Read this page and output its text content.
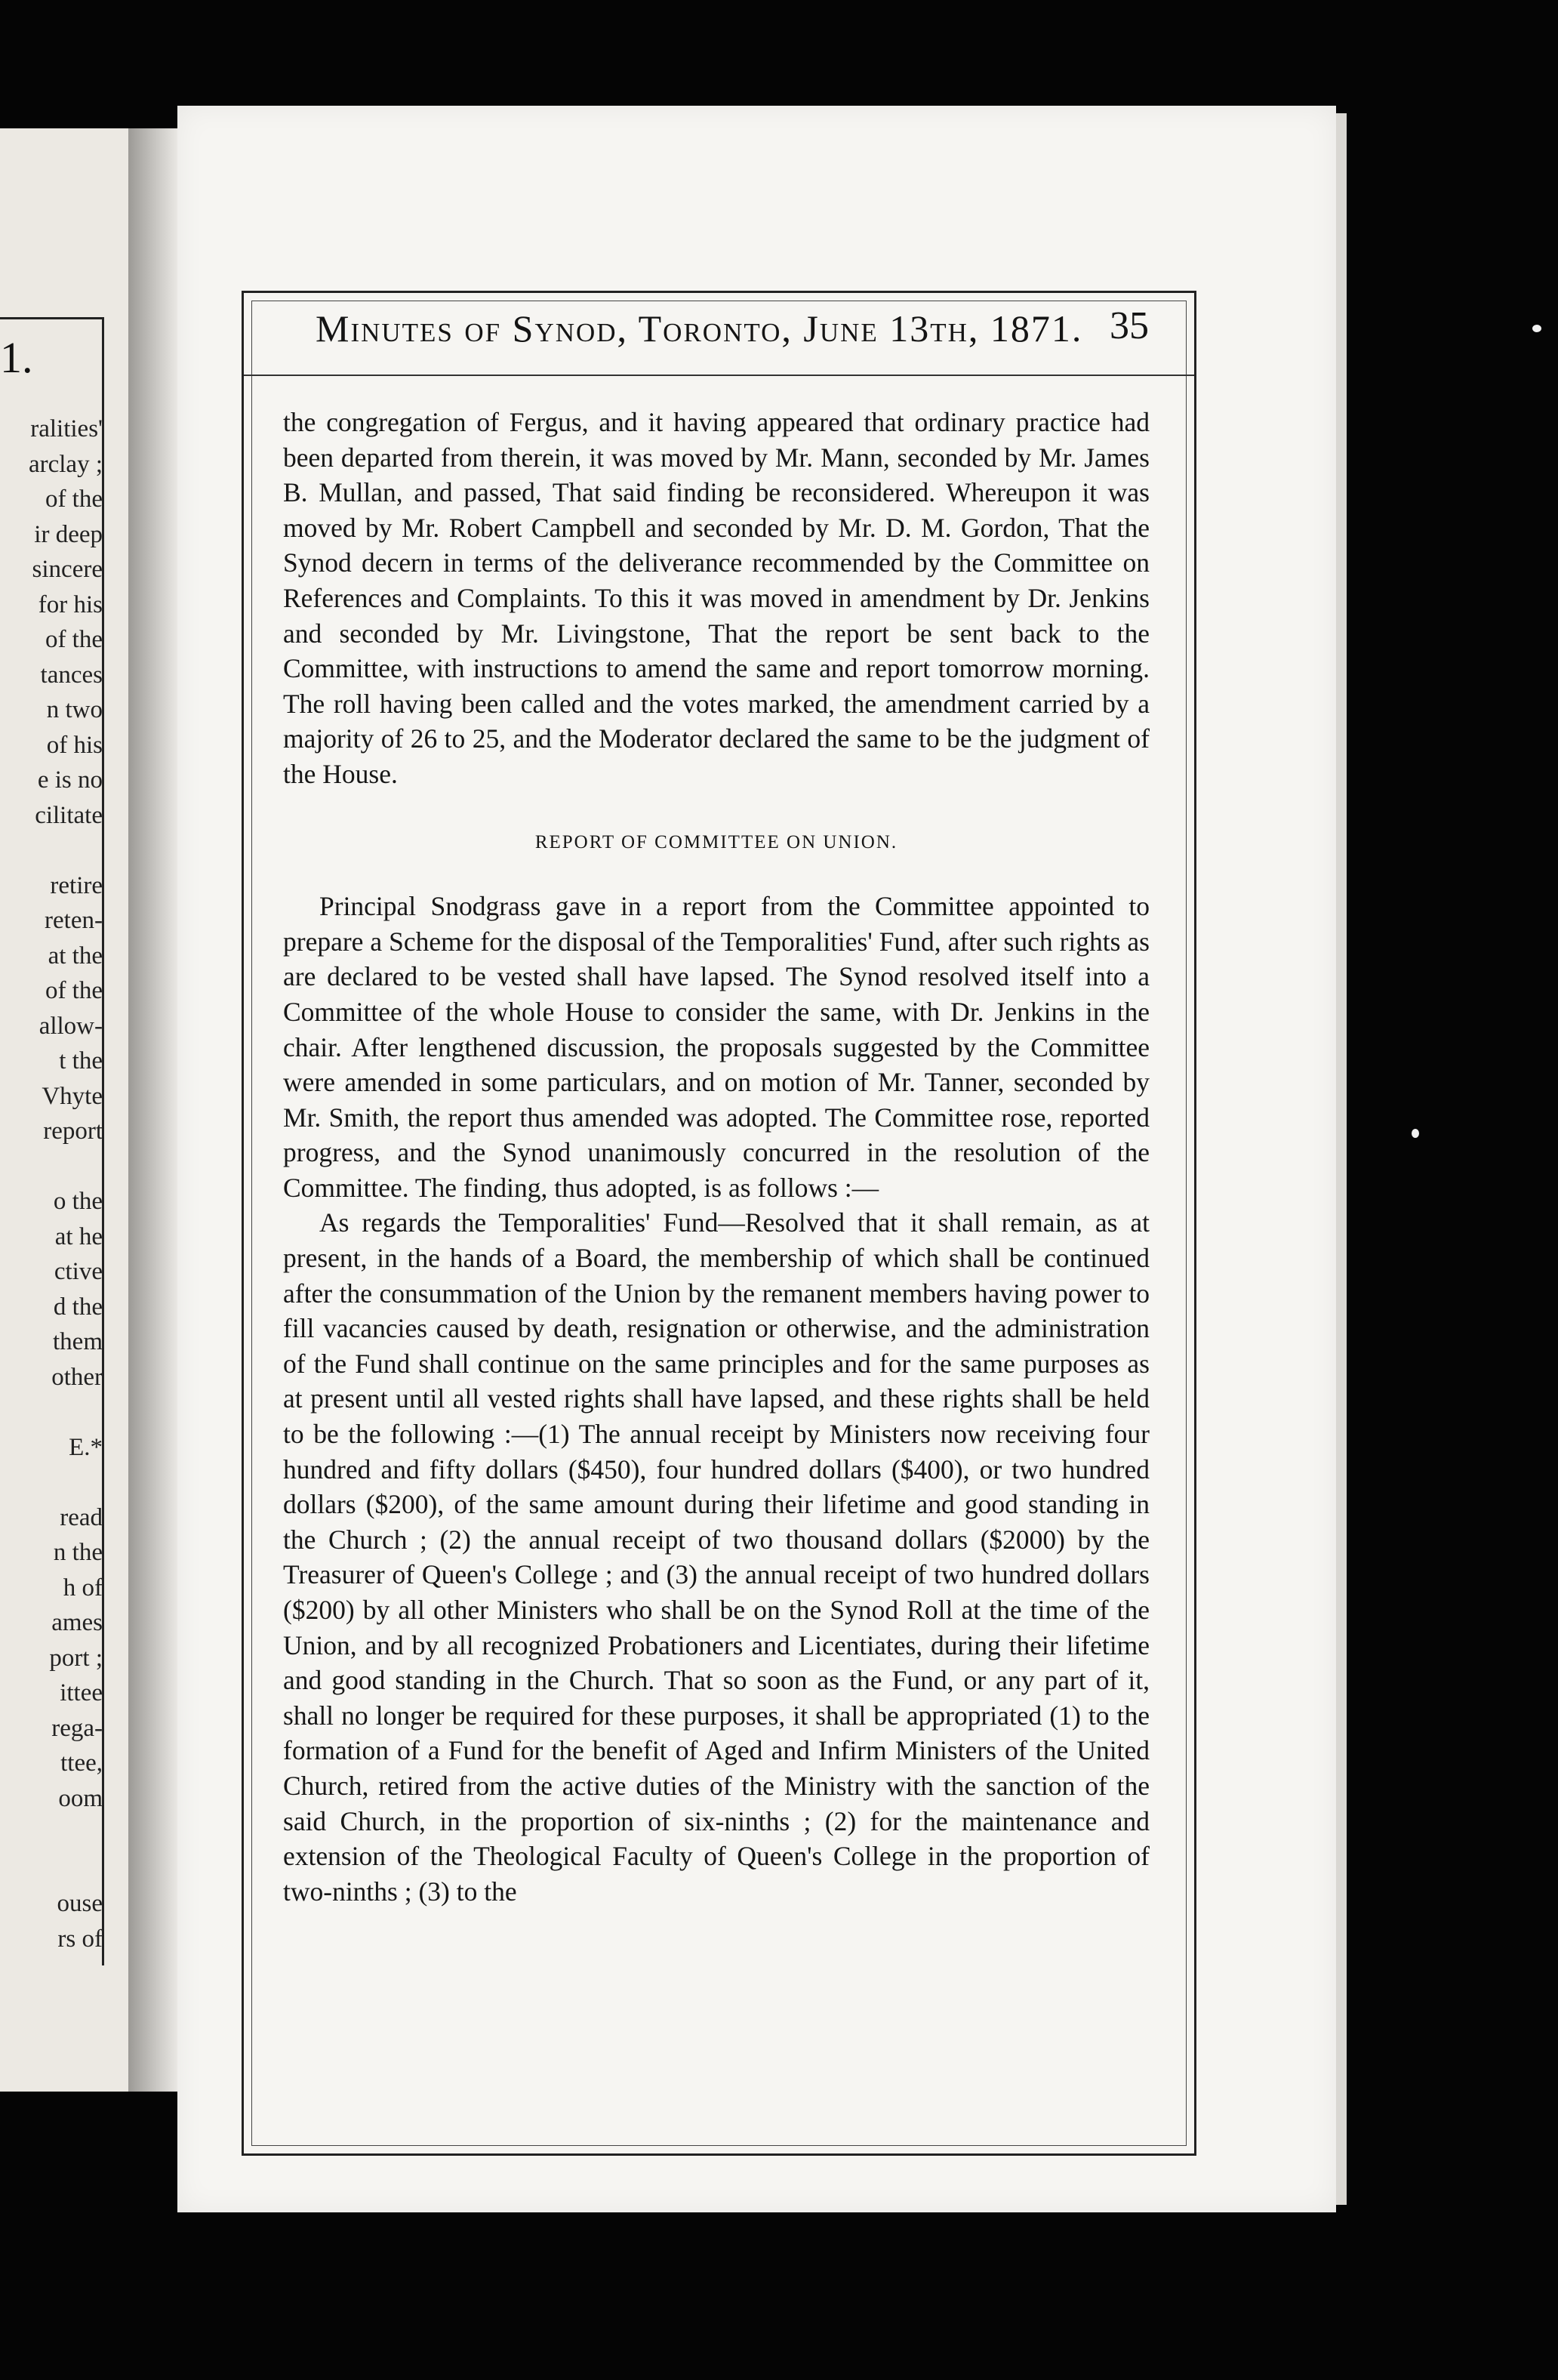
1.
ralities'
arclay ;
of the
ir deep
sincere
for his
of the
tances
n two
of his
e is no
cilitate
retire
reten-
at the
of the
allow-
t the
Vhyte
report
o the
at he
ctive
d the
them
other
E.*
read
n the
h of
ames
port ;
ittee
rega-
ttee,
oom
ouse
rs of
Minutes of Synod, Toronto, June 13th, 1871. 35

the congregation of Fergus, and it having appeared that ordinary practice had been departed from therein, it was moved by Mr. Mann, seconded by Mr. James B. Mullan, and passed, That said finding be reconsidered. Whereupon it was moved by Mr. Robert Campbell and seconded by Mr. D. M. Gordon, That the Synod decern in terms of the deliverance recommended by the Committee on References and Complaints. To this it was moved in amendment by Dr. Jenkins and seconded by Mr. Livingstone, That the report be sent back to the Committee, with instructions to amend the same and report tomorrow morning. The roll having been called and the votes marked, the amendment carried by a majority of 26 to 25, and the Moderator declared the same to be the judgment of the House.

REPORT OF COMMITTEE ON UNION.

Principal Snodgrass gave in a report from the Committee appointed to prepare a Scheme for the disposal of the Temporalities' Fund, after such rights as are declared to be vested shall have lapsed. The Synod resolved itself into a Committee of the whole House to consider the same, with Dr. Jenkins in the chair. After lengthened discussion, the proposals suggested by the Committee were amended in some particulars, and on motion of Mr. Tanner, seconded by Mr. Smith, the report thus amended was adopted. The Committee rose, reported progress, and the Synod unanimously concurred in the resolution of the Committee. The finding, thus adopted, is as follows :—

As regards the Temporalities' Fund—Resolved that it shall remain, as at present, in the hands of a Board, the membership of which shall be continued after the consummation of the Union by the remanent members having power to fill vacancies caused by death, resignation or otherwise, and the administration of the Fund shall continue on the same principles and for the same purposes as at present until all vested rights shall have lapsed, and these rights shall be held to be the following :—(1) The annual receipt by Ministers now receiving four hundred and fifty dollars ($450), four hundred dollars ($400), or two hundred dollars ($200), of the same amount during their lifetime and good standing in the Church ; (2) the annual receipt of two thousand dollars ($2000) by the Treasurer of Queen's College ; and (3) the annual receipt of two hundred dollars ($200) by all other Ministers who shall be on the Synod Roll at the time of the Union, and by all recognized Probationers and Licentiates, during their lifetime and good standing in the Church. That so soon as the Fund, or any part of it, shall no longer be required for these purposes, it shall be appropriated (1) to the formation of a Fund for the benefit of Aged and Infirm Ministers of the United Church, retired from the active duties of the Ministry with the sanction of the said Church, in the proportion of six-ninths ; (2) for the maintenance and extension of the Theological Faculty of Queen's College in the proportion of two-ninths ; (3) to the
